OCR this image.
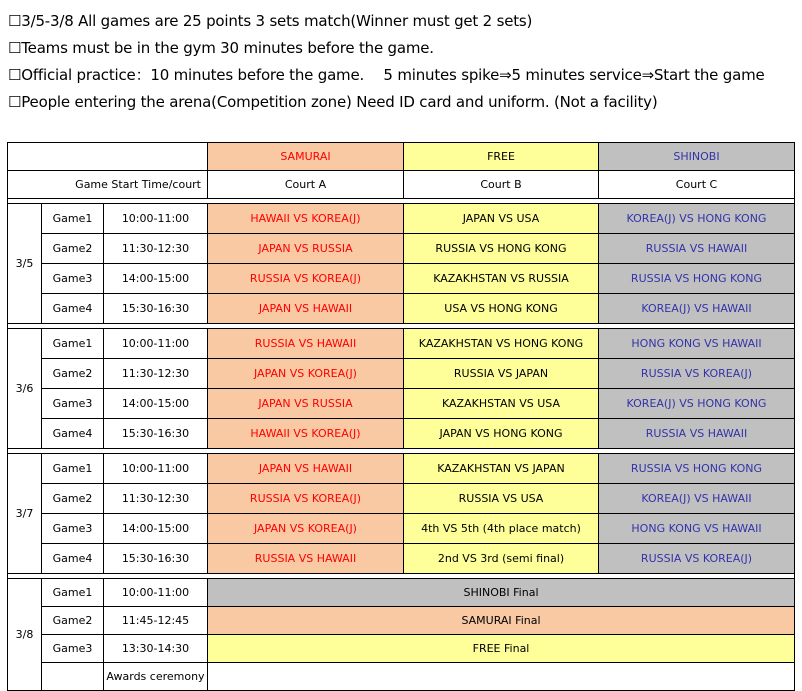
☐3/5-3/8 All games are 25 points 3 sets match(Winner must get 2 sets)
☐Teams must be in the gym 30 minutes before the game.
☐Official practice：10 minutes before the game.　 5 minutes spike⇒5 minutes service⇒Start the game
☐People entering the arena(Competition zone) Need ID card and uniform. (Not a facility)
			SAMURAI	FREE	SHINOBI
Game Start Time/court			Court A	Court B	Court C

3/5	Game1	10:00-11:00	HAWAII VS KOREA(J)	JAPAN VS USA	KOREA(J) VS HONG KONG
	Game2	11:30-12:30	JAPAN VS RUSSIA	RUSSIA VS HONG KONG	RUSSIA VS HAWAII
	Game3	14:00-15:00	RUSSIA VS KOREA(J)	KAZAKHSTAN VS RUSSIA	RUSSIA VS HONG KONG
	Game4	15:30-16:30	JAPAN VS HAWAII	USA VS HONG KONG	KOREA(J) VS HAWAII

3/6	Game1	10:00-11:00	RUSSIA VS HAWAII	KAZAKHSTAN VS HONG KONG	HONG KONG VS HAWAII
	Game2	11:30-12:30	JAPAN VS KOREA(J)	RUSSIA VS JAPAN	RUSSIA VS KOREA(J)
	Game3	14:00-15:00	JAPAN VS RUSSIA	KAZAKHSTAN VS USA	KOREA(J) VS HONG KONG
	Game4	15:30-16:30	HAWAII VS KOREA(J)	JAPAN VS HONG KONG	RUSSIA VS HAWAII

3/7	Game1	10:00-11:00	JAPAN VS HAWAII	KAZAKHSTAN VS JAPAN	RUSSIA VS HONG KONG
	Game2	11:30-12:30	RUSSIA VS KOREA(J)	RUSSIA VS USA	KOREA(J) VS HAWAII
	Game3	14:00-15:00	JAPAN VS KOREA(J)	4th VS 5th (4th place match)	HONG KONG VS HAWAII
	Game4	15:30-16:30	RUSSIA VS HAWAII	2nd VS 3rd (semi final)	RUSSIA VS KOREA(J)

3/8	Game1	10:00-11:00	SHINOBI Final		
	Game2	11:45-12:45	SAMURAI Final		
	Game3	13:30-14:30	FREE Final		
		Awards ceremony			
